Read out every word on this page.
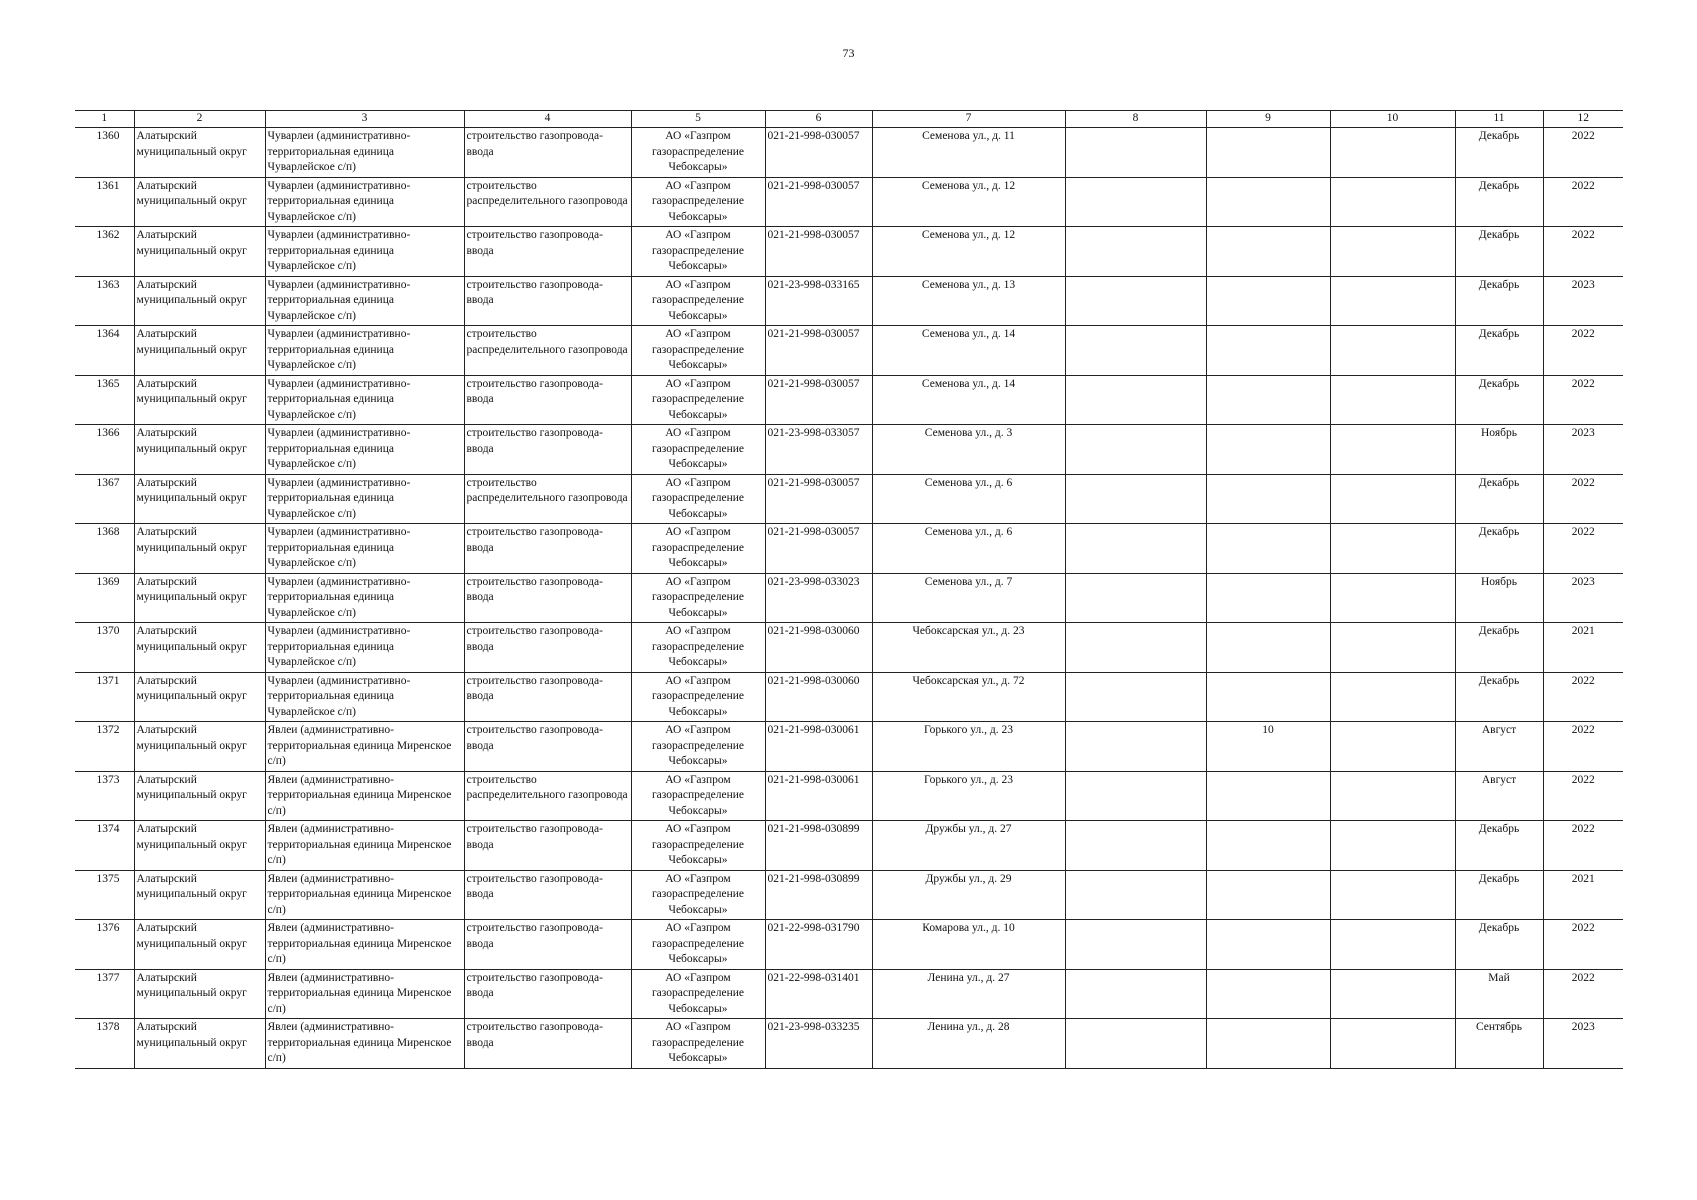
73
1	2	3	4	5	6	7	8	9	10	11	12
1360	Алатырский муниципальный округ	Чуварлеи (административно-территориальная единица Чуварлейское с/п)	строительство газопровода-ввода	АО «Газпром газораспределение Чебоксары»	021-21-998-030057	Семенова ул., д. 11				Декабрь	2022
1361	Алатырский муниципальный округ	Чуварлеи (административно-территориальная единица Чуварлейское с/п)	строительство распределительного газопровода	АО «Газпром газораспределение Чебоксары»	021-21-998-030057	Семенова ул., д. 12				Декабрь	2022
1362	Алатырский муниципальный округ	Чуварлеи (административно-территориальная единица Чуварлейское с/п)	строительство газопровода-ввода	АО «Газпром газораспределение Чебоксары»	021-21-998-030057	Семенова ул., д. 12				Декабрь	2022
1363	Алатырский муниципальный округ	Чуварлеи (административно-территориальная единица Чуварлейское с/п)	строительство газопровода-ввода	АО «Газпром газораспределение Чебоксары»	021-23-998-033165	Семенова ул., д. 13				Декабрь	2023
1364	Алатырский муниципальный округ	Чуварлеи (административно-территориальная единица Чуварлейское с/п)	строительство распределительного газопровода	АО «Газпром газораспределение Чебоксары»	021-21-998-030057	Семенова ул., д. 14				Декабрь	2022
1365	Алатырский муниципальный округ	Чуварлеи (административно-территориальная единица Чуварлейское с/п)	строительство газопровода-ввода	АО «Газпром газораспределение Чебоксары»	021-21-998-030057	Семенова ул., д. 14				Декабрь	2022
1366	Алатырский муниципальный округ	Чуварлеи (административно-территориальная единица Чуварлейское с/п)	строительство газопровода-ввода	АО «Газпром газораспределение Чебоксары»	021-23-998-033057	Семенова ул., д. 3				Ноябрь	2023
1367	Алатырский муниципальный округ	Чуварлеи (административно-территориальная единица Чуварлейское с/п)	строительство распределительного газопровода	АО «Газпром газораспределение Чебоксары»	021-21-998-030057	Семенова ул., д. 6				Декабрь	2022
1368	Алатырский муниципальный округ	Чуварлеи (административно-территориальная единица Чуварлейское с/п)	строительство газопровода-ввода	АО «Газпром газораспределение Чебоксары»	021-21-998-030057	Семенова ул., д. 6				Декабрь	2022
1369	Алатырский муниципальный округ	Чуварлеи (административно-территориальная единица Чуварлейское с/п)	строительство газопровода-ввода	АО «Газпром газораспределение Чебоксары»	021-23-998-033023	Семенова ул., д. 7				Ноябрь	2023
1370	Алатырский муниципальный округ	Чуварлеи (административно-территориальная единица Чуварлейское с/п)	строительство газопровода-ввода	АО «Газпром газораспределение Чебоксары»	021-21-998-030060	Чебоксарская ул., д. 23				Декабрь	2021
1371	Алатырский муниципальный округ	Чуварлеи (административно-территориальная единица Чуварлейское с/п)	строительство газопровода-ввода	АО «Газпром газораспределение Чебоксары»	021-21-998-030060	Чебоксарская ул., д. 72				Декабрь	2022
1372	Алатырский муниципальный округ	Явлеи (административно-территориальная единица Миренское с/п)	строительство газопровода-ввода	АО «Газпром газораспределение Чебоксары»	021-21-998-030061	Горького ул., д. 23		10		Август	2022
1373	Алатырский муниципальный округ	Явлеи (административно-территориальная единица Миренское с/п)	строительство распределительного газопровода	АО «Газпром газораспределение Чебоксары»	021-21-998-030061	Горького ул., д. 23				Август	2022
1374	Алатырский муниципальный округ	Явлеи (административно-территориальная единица Миренское с/п)	строительство газопровода-ввода	АО «Газпром газораспределение Чебоксары»	021-21-998-030899	Дружбы ул., д. 27				Декабрь	2022
1375	Алатырский муниципальный округ	Явлеи (административно-территориальная единица Миренское с/п)	строительство газопровода-ввода	АО «Газпром газораспределение Чебоксары»	021-21-998-030899	Дружбы ул., д. 29				Декабрь	2021
1376	Алатырский муниципальный округ	Явлеи (административно-территориальная единица Миренское с/п)	строительство газопровода-ввода	АО «Газпром газораспределение Чебоксары»	021-22-998-031790	Комарова ул., д. 10				Декабрь	2022
1377	Алатырский муниципальный округ	Явлеи (административно-территориальная единица Миренское с/п)	строительство газопровода-ввода	АО «Газпром газораспределение Чебоксары»	021-22-998-031401	Ленина ул., д. 27				Май	2022
1378	Алатырский муниципальный округ	Явлеи (административно-территориальная единица Миренское с/п)	строительство газопровода-ввода	АО «Газпром газораспределение Чебоксары»	021-23-998-033235	Ленина ул., д. 28				Сентябрь	2023
